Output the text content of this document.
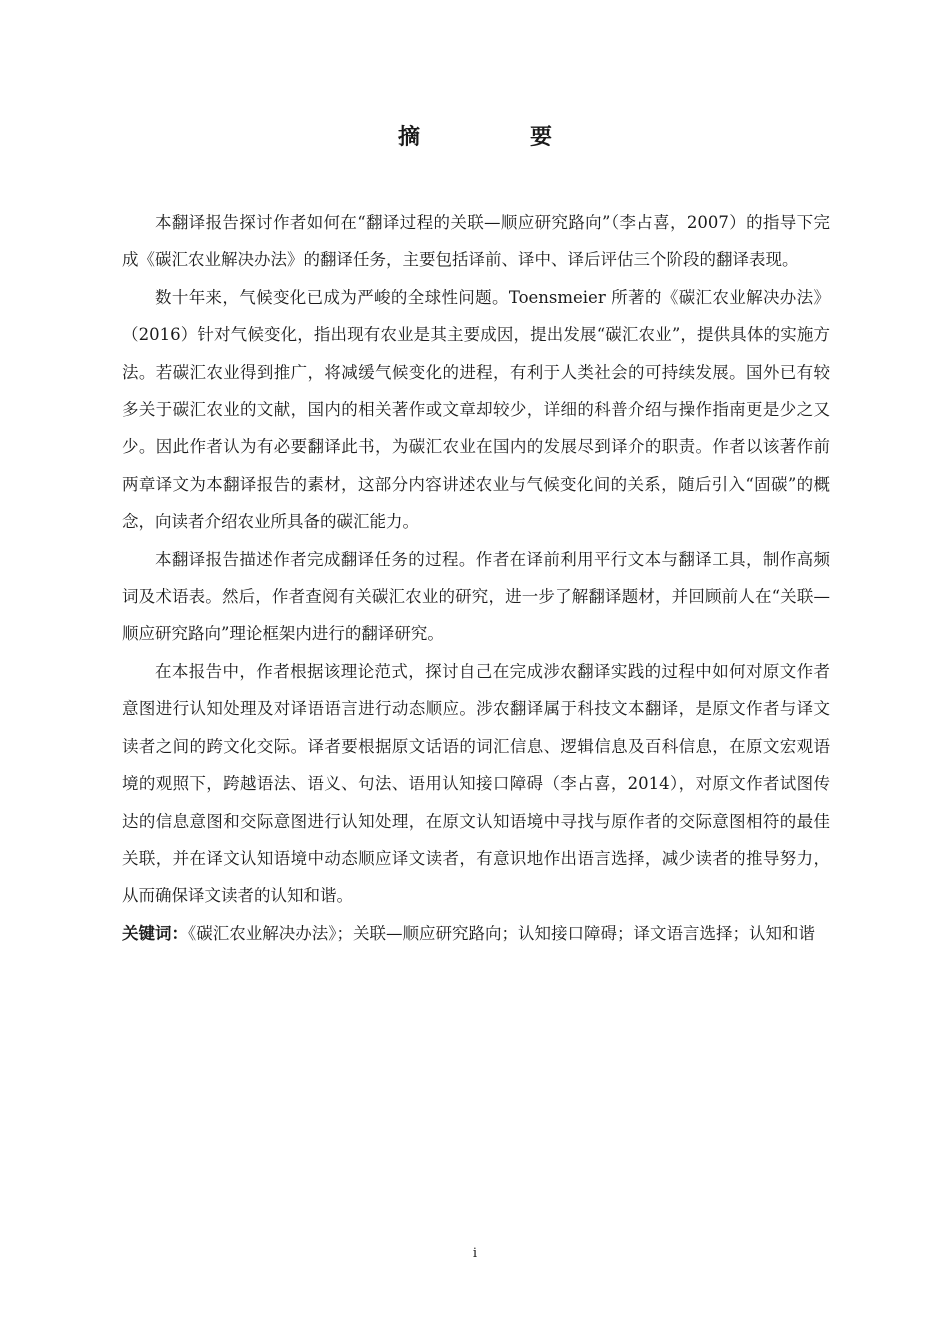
摘　要

本翻译报告探讨作者如何在“翻译过程的关联—顺应研究路向”（李占喜，2007）的指导下完成《碳汇农业解决办法》的翻译任务，主要包括译前、译中、译后评估三个阶段的翻译表现。

数十年来，气候变化已成为严峻的全球性问题。Toensmeier 所著的《碳汇农业解决办法》（2016）针对气候变化，指出现有农业是其主要成因，提出发展“碳汇农业”，提供具体的实施方法。若碳汇农业得到推广，将减缓气候变化的进程，有利于人类社会的可持续发展。国外已有较多关于碳汇农业的文献，国内的相关著作或文章却较少，详细的科普介绍与操作指南更是少之又少。因此作者认为有必要翻译此书，为碳汇农业在国内的发展尽到译介的职责。作者以该著作前两章译文为本翻译报告的素材，这部分内容讲述农业与气候变化间的关系，随后引入“固碳”的概念，向读者介绍农业所具备的碳汇能力。

本翻译报告描述作者完成翻译任务的过程。作者在译前利用平行文本与翻译工具，制作高频词及术语表。然后，作者查阅有关碳汇农业的研究，进一步了解翻译题材，并回顾前人在“关联—顺应研究路向”理论框架内进行的翻译研究。

在本报告中，作者根据该理论范式，探讨自己在完成涉农翻译实践的过程中如何对原文作者意图进行认知处理及对译语语言进行动态顺应。涉农翻译属于科技文本翻译，是原文作者与译文读者之间的跨文化交际。译者要根据原文话语的词汇信息、逻辑信息及百科信息，在原文宏观语境的观照下，跨越语法、语义、句法、语用认知接口障碍（李占喜，2014），对原文作者试图传达的信息意图和交际意图进行认知处理，在原文认知语境中寻找与原作者的交际意图相符的最佳关联，并在译文认知语境中动态顺应译文读者，有意识地作出语言选择，减少读者的推导努力，从而确保译文读者的认知和谐。

关键词：《碳汇农业解决办法》；关联—顺应研究路向；认知接口障碍；译文语言选择；认知和谐
i
